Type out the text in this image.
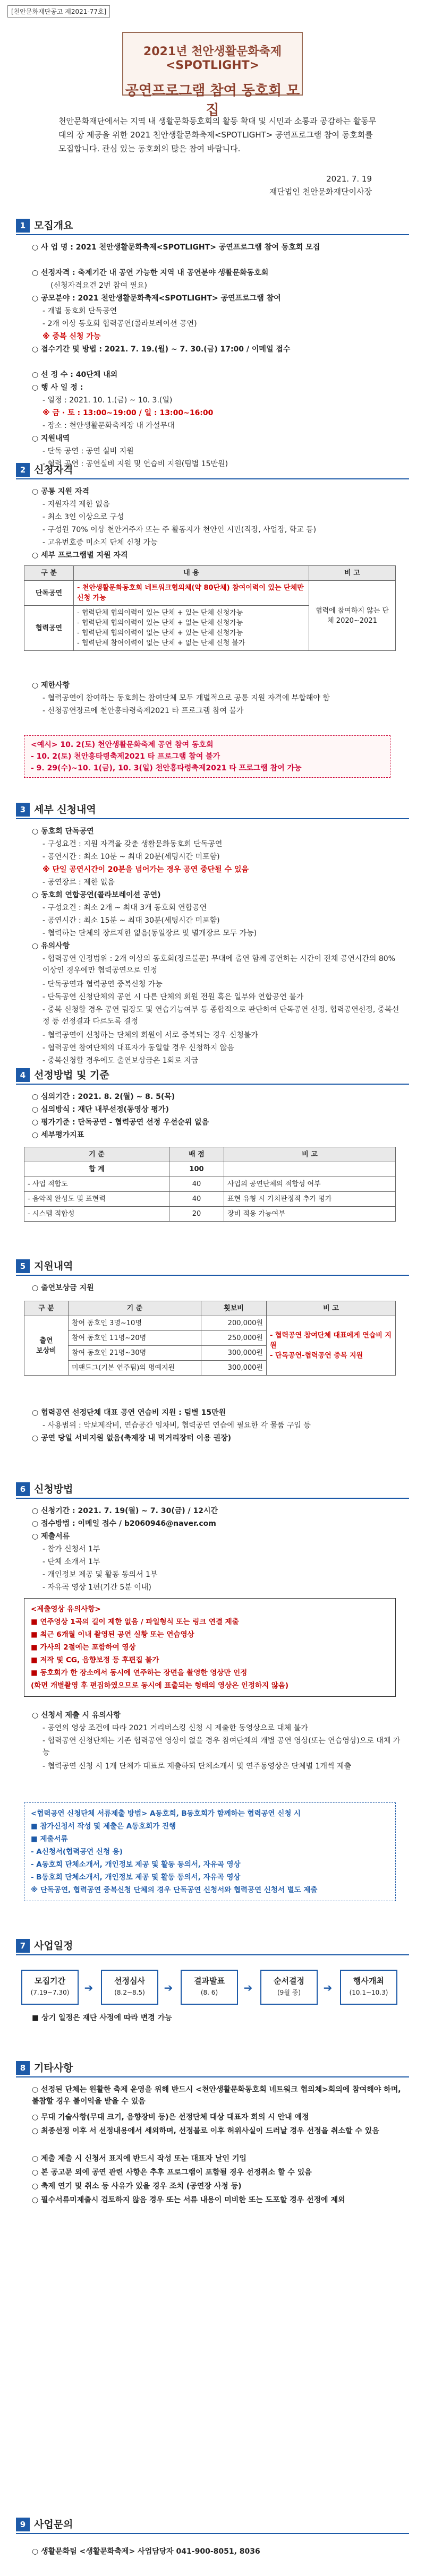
[천안문화재단공고 제2021-77호]
2021년 천안생활문화축제<SPOTLIGHT>
공연프로그램 참여 동호회 모집
천안문화재단에서는 지역 내 생활문화동호회의 활동 확대 및 시민과 소통과 공감하는 활동무대의 장 제공을 위한 2021 천안생활문화축제<SPOTLIGHT> 공연프로그램 참여 동호회를 모집합니다. 관심 있는 동호회의 많은 참여 바랍니다.
2021. 7. 19
재단법인 천안문화재단이사장
1 모집개요
○ 사 업 명 : 2021 천안생활문화축제<SPOTLIGHT> 공연프로그램 참여 동호회 모집
○ 선정자격 : 축제기간 내 공연 가능한 지역 내 공연분야 생활문화동호회
(신청자격요건 2번 참여 필요)
○ 공모분야 : 2021 천안생활문화축제<SPOTLIGHT> 공연프로그램 참여
- 개별 동호회 단독공연
- 2개 이상 동호회 협력공연(콜라보레이션 공연)
※ 중복 신청 가능
○ 접수기간 및 방법 : 2021. 7. 19.(월) ~ 7. 30.(금) 17:00 / 이메일 접수
○ 선 정 수 : 40단체 내외
○ 행 사 일 정 :
- 일정 : 2021. 10. 1.(금) ~ 10. 3.(일)
※ 금 · 토 : 13:00~19:00 / 일 : 13:00~16:00
- 장소 : 천안생활문화축제장 내 가설무대
○ 지원내역
- 단독 공연 : 공연 실비 지원
- 협력 공연 : 공연실비 지원 및 연습비 지원(팀별 15만원)
2 신청자격
○ 공통 지원 자격
- 지원자격 제한 없음
- 최소 3인 이상으로 구성
- 구성원 70% 이상 천안거주자 또는 주 활동지가 천안인 시민(직장, 사업장, 학교 등)
- 고유번호증 미소지 단체 신청 가능
○ 세부 프로그램별 지원 자격
구 분	내 용	비 고
단독공연	- 천안생활문화동호회 네트워크협의체(약 80단체) 참여이력이 있는 단체만 신청 가능	협력에 참여하지 않는 단체 2020~2021
협력공연	- 협력단체 협의이력이 있는 단체 + 있는 단체 신청가능
- 협력단체 협의이력이 있는 단체 + 없는 단체 신청가능
- 협력단체 협의이력이 없는 단체 + 있는 단체 신청가능
- 협력단체 참여이력이 없는 단체 + 없는 단체 신청 불가	
○ 제한사항
- 협력공연에 참여하는 동호회는 참여단체 모두 개별적으로 공통 지원 자격에 부합해야 함
- 신청공연장르에 천안홍타령축제2021 타 프로그램 참여 불가
<예시> 10. 2(토) 천안생활문화축제 공연 참여 동호회
- 10. 2(토) 천안홍타령축제2021 타 프로그램 참여 불가
- 9. 29(수)~10. 1(금), 10. 3(일) 천안홍타령축제2021 타 프로그램 참여 가능
3 세부 신청내역
○ 동호회 단독공연
- 구성요건 : 지원 자격을 갖춘 생활문화동호회 단독공연
- 공연시간 : 최소 10분 ~ 최대 20분(세팅시간 미포함)
※ 단일 공연시간이 20분을 넘어가는 경우 공연 중단될 수 있음
- 공연장르 : 제한 없음
○ 동호회 연합공연(콜라보레이션 공연)
- 구성요건 : 최소 2개 ~ 최대 3개 동호회 연합공연
- 공연시간 : 최소 15분 ~ 최대 30분(세팅시간 미포함)
- 협력하는 단체의 장르제한 없음(동일장르 및 별개장르 모두 가능)
○ 유의사항
- 협력공연 인정범위 : 2개 이상의 동호회(장르불문) 무대에 출연 함께 공연하는 시간이 전체 공연시간의 80% 이상인 경우에만 협력공연으로 인정
- 단독공연과 협력공연 중복신청 가능
- 단독공연 신청단체의 공연 시 다른 단체의 회원 전원 혹은 일부와 연합공연 불가
- 중복 신청할 경우 공연 팀장도 및 연습기능여부 등 종합적으로 판단하여 단독공연 선정, 협력공연선정, 중복선정 등 선정결과 다르도록 결정
- 협력공연에 신청하는 단체의 회원이 서로 중복되는 경우 신청불가
- 협력공연 참여단체의 대표자가 동일할 경우 신청하지 않음
- 중복신청할 경우에도 출연보상금은 1회로 지급
4 선정방법 및 기준
○ 심의기간 : 2021. 8. 2(월) ~ 8. 5(목)
○ 심의방식 : 재단 내부선정(동영상 평가)
○ 평가기준 : 단독공연 - 협력공연 선정 우선순위 없음
○ 세부평가지표
기 준	배 점	비 고
합 계	100	
- 사업 적합도	40	사업의 공연단체의 적합성 여부
- 음악적 완성도 및 표현력	40	표현 유형 시 가치판정적 추가 평가
- 시스템 적합성	20	장비 적용 가능여부
5 지원내역
○ 출연보상금 지원
구 분	기 준	횟보비	비 고
출연
보상비	참여 동호인 3명~10명	200,000원	- 협력공연 참여단체 대표에게 연습비 지원
- 단독공연-협력공연 중복 지원
	참여 동호인 11명~20명	250,000원	
	참여 동호인 21명~30명	300,000원	
	미팬드그(기본 연주팀)의 명예지원	300,000원	
○ 협력공연 선정단체 대표 공연 연습비 지원 : 팀별 15만원
- 사용범위 : 악보제작비, 연습공간 임차비, 협력공연 연습에 필요한 각 물품 구입 등
○ 공연 당일 서비지원 없음(축제장 내 먹거리장터 이용 권장)
6 신청방법
○ 신청기간 : 2021. 7. 19(월) ~ 7. 30(금) / 12시간
○ 접수방법 : 이메일 접수 / b2060946@naver.com
○ 제출서류
- 참가 신청서 1부
- 단체 소개서 1부
- 개인정보 제공 및 활동 동의서 1부
- 자유곡 영상 1편(기간 5분 이내)
<제출영상 유의사항>
■ 연주영상 1곡의 길이 제한 없음 / 파일형식 또는 링크 연결 제출
■ 최근 6개월 이내 촬영된 공연 실황 또는 연습영상
■ 가사의 2절에는 포함하여 영상
■ 저작 및 CG, 음향보정 등 후편집 불가
■ 동호회가 한 장소에서 동시에 연주하는 장면을 촬영한 영상만 인정
(화면 개별촬영 후 편집하였으므로 동시에 표출되는 형태의 영상은 인정하지 않음)
○ 신청서 제출 시 유의사항
- 공연의 영상 조건에 따라 2021 거리버스킹 신청 시 제출한 동영상으로 대체 불가
- 협력공연 신청단체는 기존 협력공연 영상이 없을 경우 참여단체의 개별 공연 영상(또는 연습영상)으로 대체 가능
- 협력공연 신청 시 1개 단체가 대표로 제출하되 단체소개서 및 연주동영상은 단체별 1개씩 제출
<협력공연 신청단체 서류제출 방법> A동호회, B동호회가 함께하는 협력공연 신청 시
■ 참가신청서 작성 및 제출은 A동호회가 진행
■ 제출서류
- A신청서(협력공연 신청 용)
- A동호회 단체소개서, 개인정보 제공 및 활동 동의서, 자유곡 영상
- B동호회 단체소개서, 개인정보 제공 및 활동 동의서, 자유곡 영상
※ 단독공연, 협력공연 중복신청 단체의 경우 단독공연 신청서와 협력공연 신청서 별도 제출
7 사업일정
모집기간
(7.19~7.30)	➔
선정심사
(8.2~8.5)	➔
결과발표
(8. 6)	➔
순서결정
(9월 중)	➔
행사개최
(10.1~10.3)
■ 상기 일정은 재단 사정에 따라 변경 가능
8 기타사항
○ 선정된 단체는 원활한 축제 운영을 위해 반드시 <천안생활문화동호회 네트워크 협의체>회의에 참여해야 하며, 불참할 경우 불이익을 받을 수 있음
○ 무대 기술사항(무대 크기, 음향장비 등)은 선정단체 대상 대표자 회의 시 안내 예정
○ 최종선정 이후 서 선정내용에서 세외하며, 선정불로 이후 허위사실이 드러날 경우 선정을 취소할 수 있음
○ 제출 제출 시 신청서 표지에 반드시 작성 또는 대표자 날인 기입
○ 본 공고문 외에 공연 관련 사항은 추후 프로그램이 포함될 경우 선정취소 할 수 있음
○ 축제 연기 및 취소 등 사유가 있을 경우 조치 (공연장 사정 등)
○ 필수서류미제출시 검토하지 않음 경우 또는 서류 내용이 미비한 또는 도포할 경우 선정에 제외
9 사업문의
○ 생활문화팀 <생활문화축제> 사업담당자 041-900-8051, 8036
